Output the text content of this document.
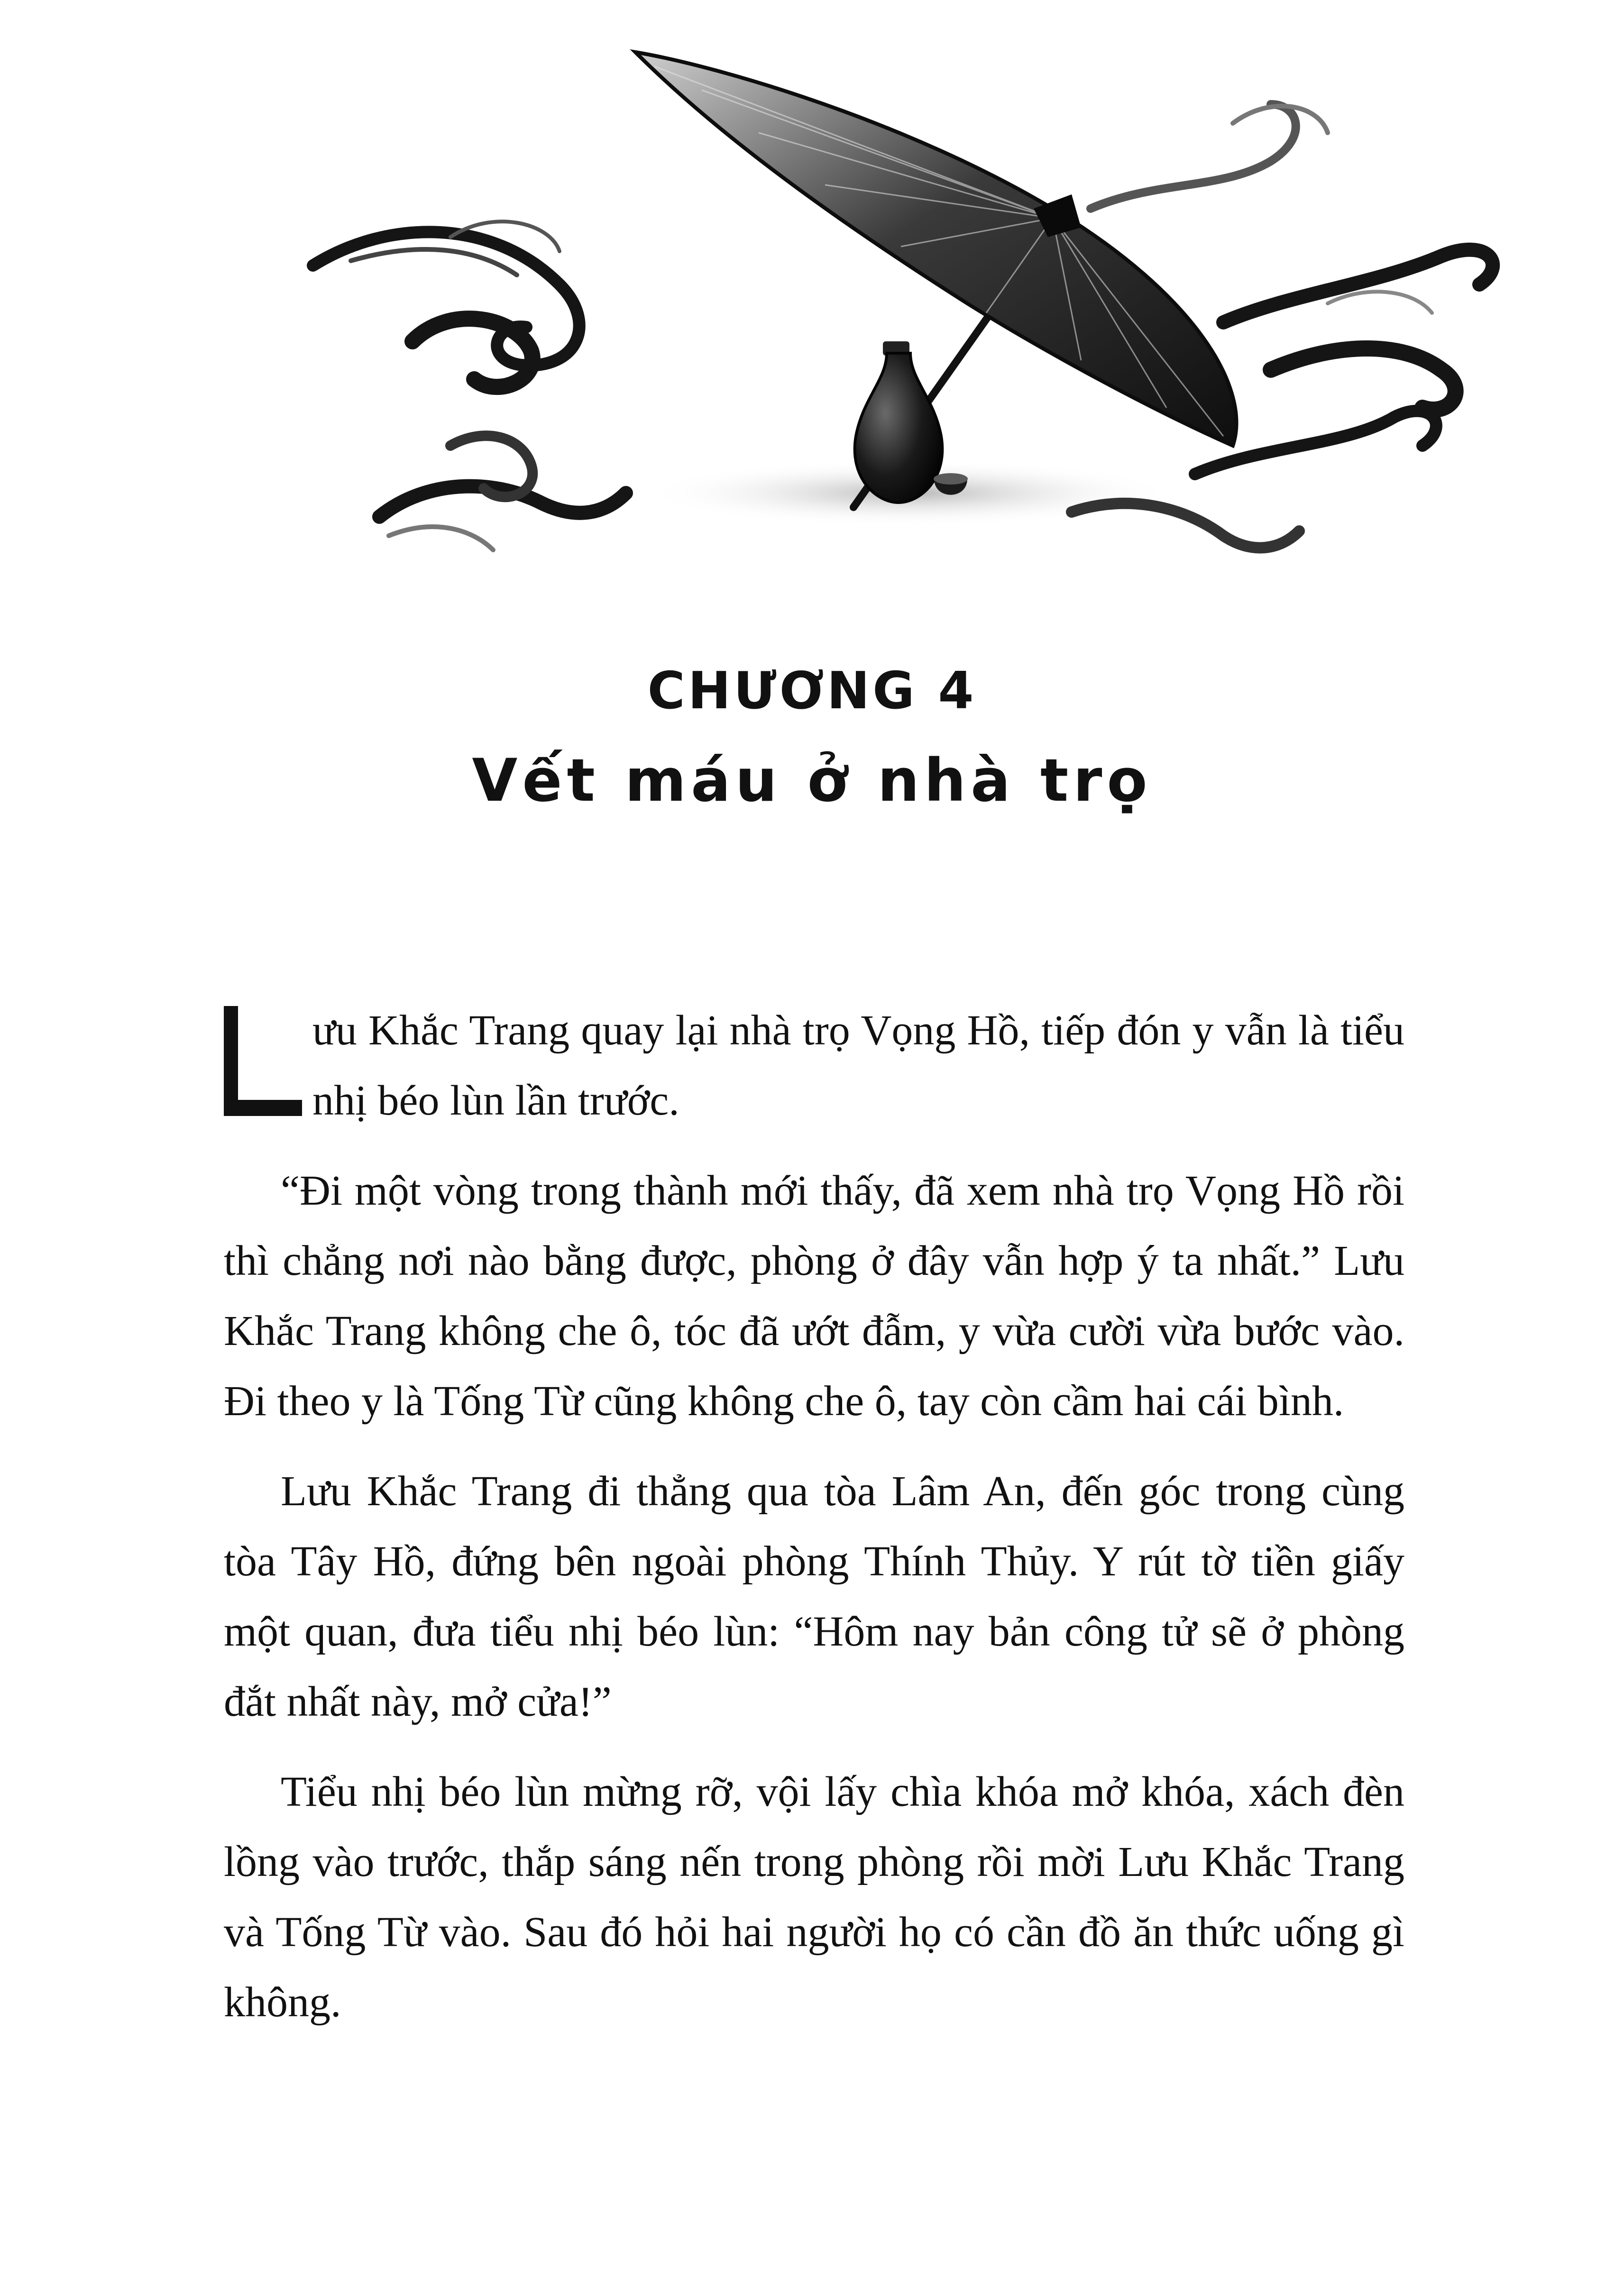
CHƯƠNG 4
Vết máu ở nhà trọ

ưu Khắc Trang quay lại nhà trọ Vọng Hồ, tiếp đón y vẫn là tiểu nhị béo lùn lần trước.

“Đi một vòng trong thành mới thấy, đã xem nhà trọ Vọng Hồ rồi thì chẳng nơi nào bằng được, phòng ở đây vẫn hợp ý ta nhất.” Lưu Khắc Trang không che ô, tóc đã ướt đẫm, y vừa cười vừa bước vào. Đi theo y là Tống Từ cũng không che ô, tay còn cầm hai cái bình.

Lưu Khắc Trang đi thẳng qua tòa Lâm An, đến góc trong cùng tòa Tây Hồ, đứng bên ngoài phòng Thính Thủy. Y rút tờ tiền giấy một quan, đưa tiểu nhị béo lùn: “Hôm nay bản công tử sẽ ở phòng đắt nhất này, mở cửa!”

Tiểu nhị béo lùn mừng rỡ, vội lấy chìa khóa mở khóa, xách đèn lồng vào trước, thắp sáng nến trong phòng rồi mời Lưu Khắc Trang và Tống Từ vào. Sau đó hỏi hai người họ có cần đồ ăn thức uống gì không.
